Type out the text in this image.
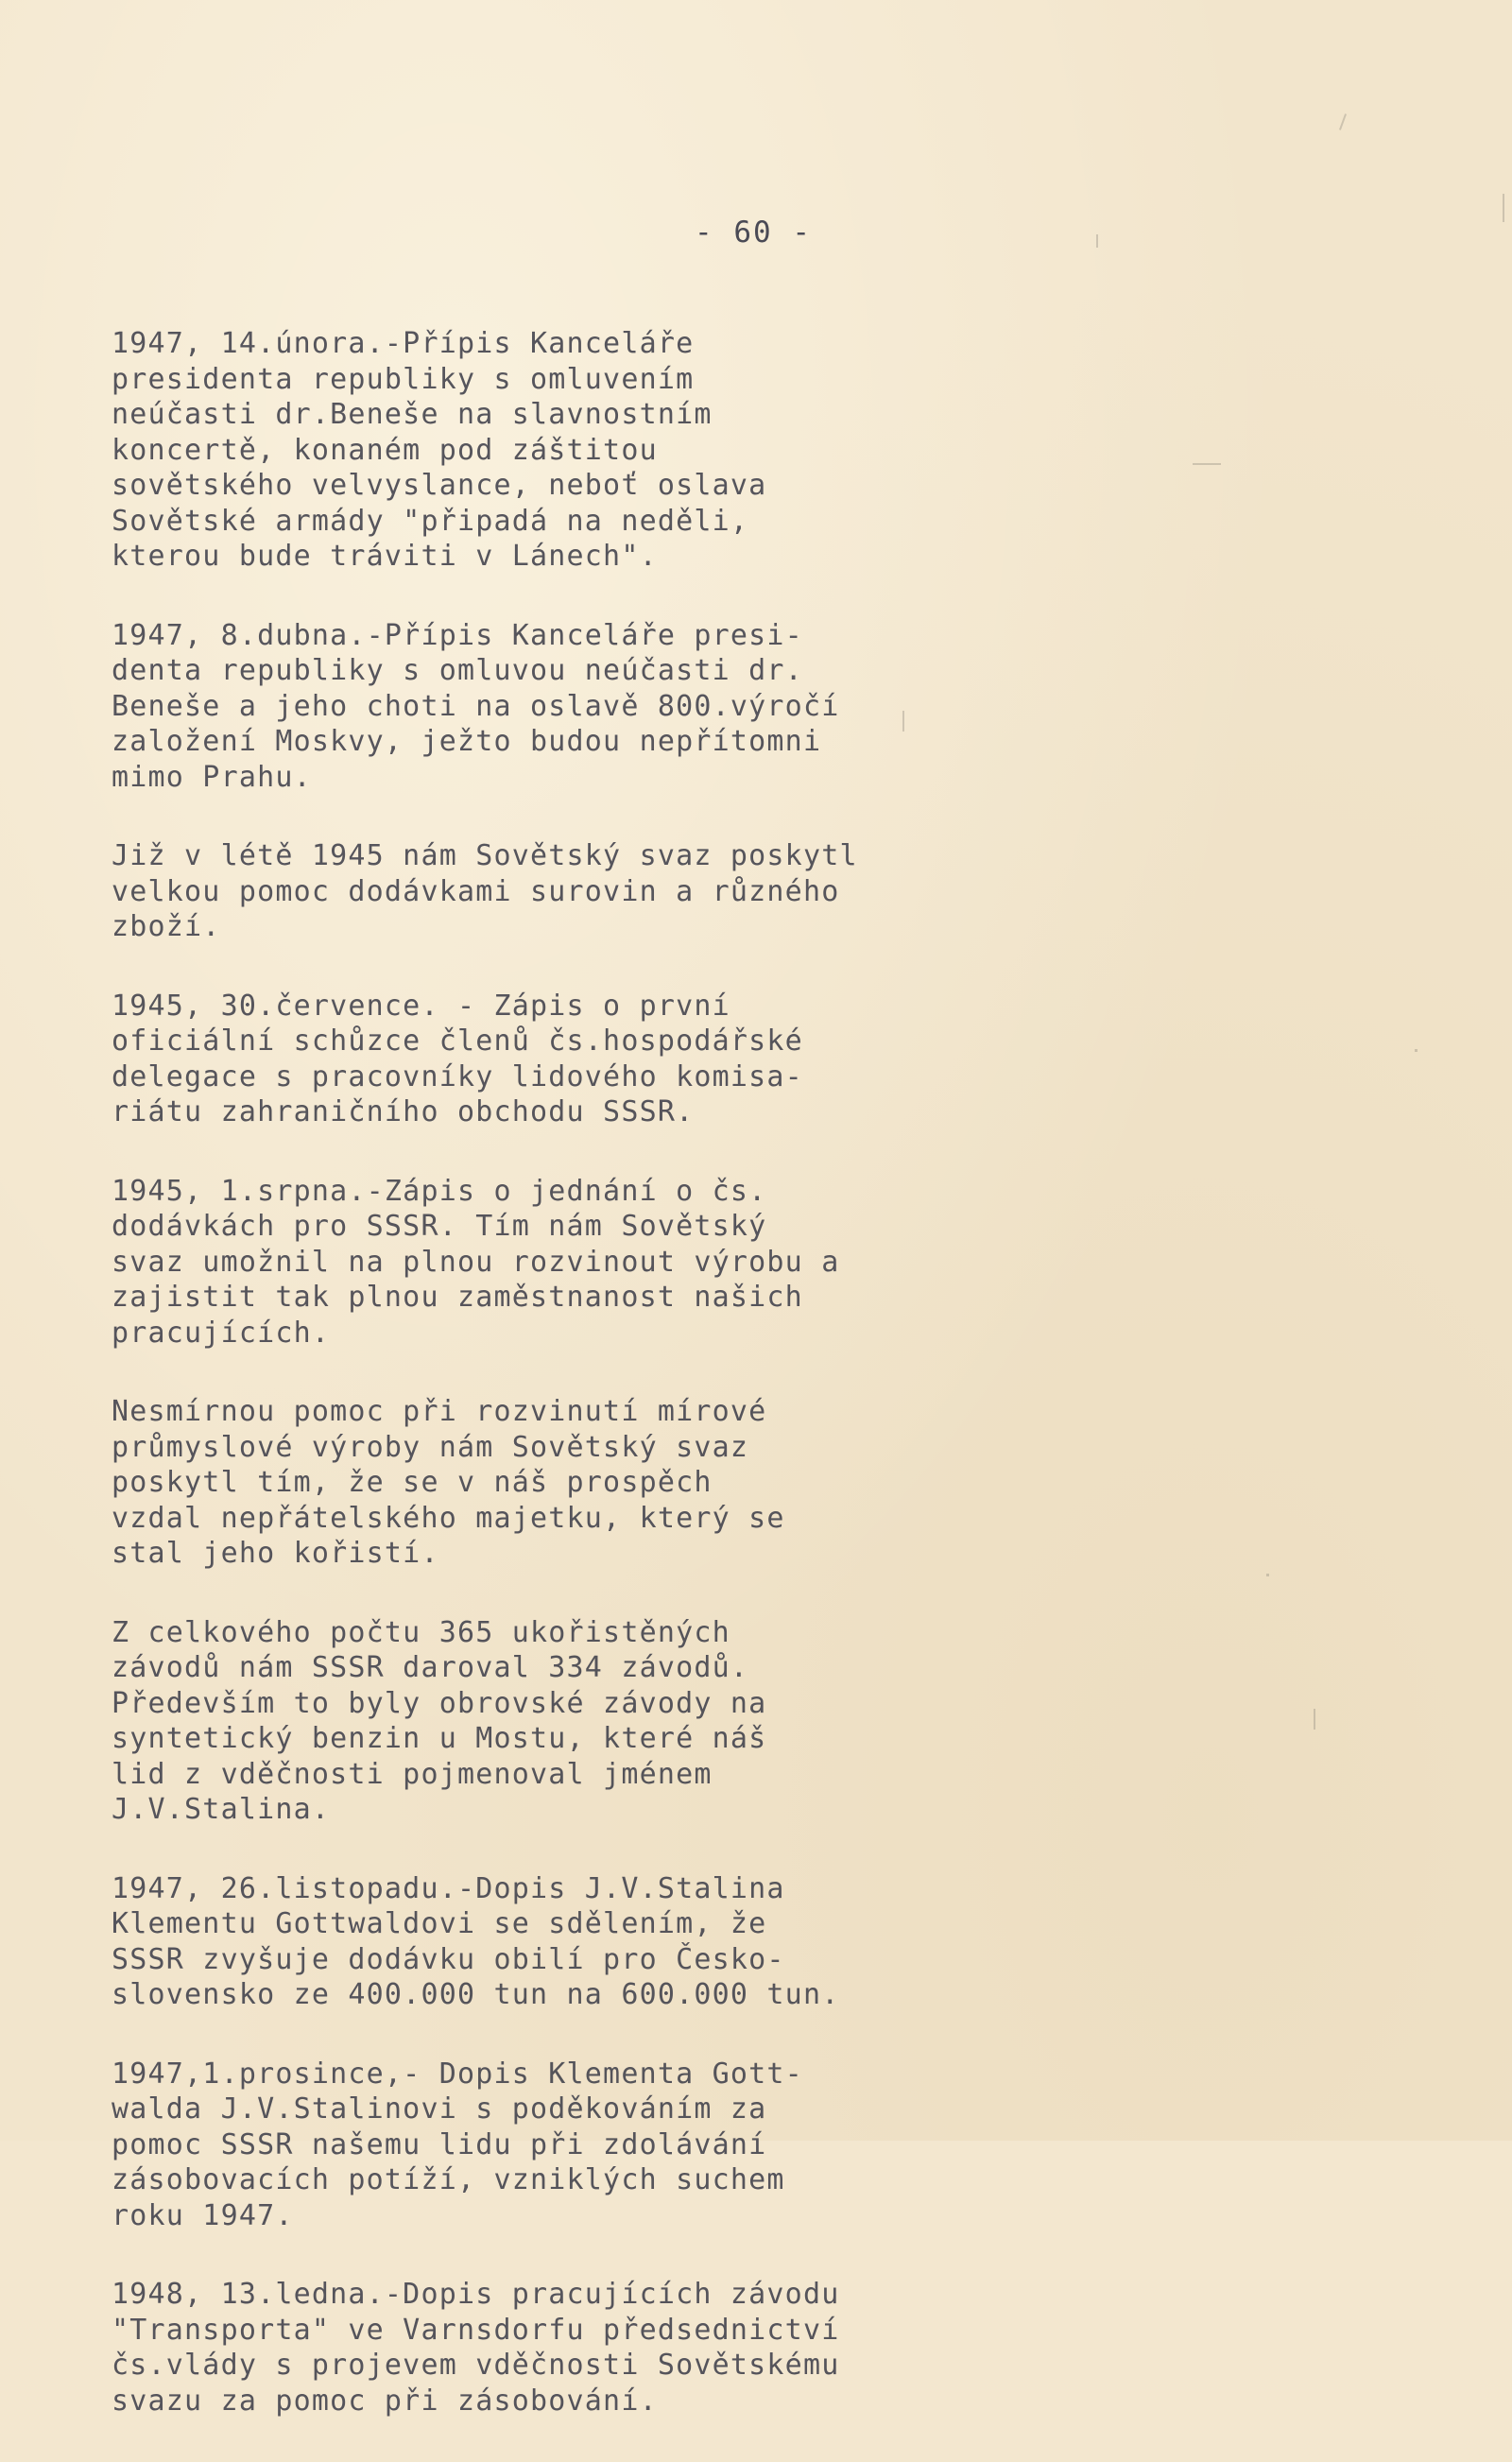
- 60 -
1947, 14.února.-Přípis Kanceláře
presidenta republiky s omluvením
neúčasti dr.Beneše na slavnostním
koncertě, konaném pod záštitou
sovětského velvyslance, neboť oslava
Sovětské armády "připadá na neděli,
kterou bude tráviti v Lánech".
1947, 8.dubna.-Přípis Kanceláře presi-
denta republiky s omluvou neúčasti dr.
Beneše a jeho choti na oslavě 800.výročí
založení Moskvy, ježto budou nepřítomni
mimo Prahu.
Již v létě 1945 nám Sovětský svaz poskytl
velkou pomoc dodávkami surovin a různého
zboží.
1945, 30.července. - Zápis o první
oficiální schůzce členů čs.hospodářské
delegace s pracovníky lidového komisa-
riátu zahraničního obchodu SSSR.
1945, 1.srpna.-Zápis o jednání o čs.
dodávkách pro SSSR. Tím nám Sovětský
svaz umožnil na plnou rozvinout výrobu a
zajistit tak plnou zaměstnanost našich
pracujících.
Nesmírnou pomoc při rozvinutí mírové
průmyslové výroby nám Sovětský svaz
poskytl tím, že se v náš prospěch
vzdal nepřátelského majetku, který se
stal jeho kořistí.
Z celkového počtu 365 ukořistěných
závodů nám SSSR daroval 334 závodů.
Především to byly obrovské závody na
syntetický benzin u Mostu, které náš
lid z vděčnosti pojmenoval jménem
J.V.Stalina.
1947, 26.listopadu.-Dopis J.V.Stalina
Klementu Gottwaldovi se sdělením, že
SSSR zvyšuje dodávku obilí pro Česko-
slovensko ze 400.000 tun na 600.000 tun.
1947,1.prosince,- Dopis Klementa Gott-
walda J.V.Stalinovi s poděkováním za
pomoc SSSR našemu lidu při zdolávání
zásobovacích potíží, vzniklých suchem
roku 1947.
1948, 13.ledna.-Dopis pracujících závodu
"Transporta" ve Varnsdorfu předsednictví
čs.vlády s projevem vděčnosti Sovětskému
svazu za pomoc při zásobování.
